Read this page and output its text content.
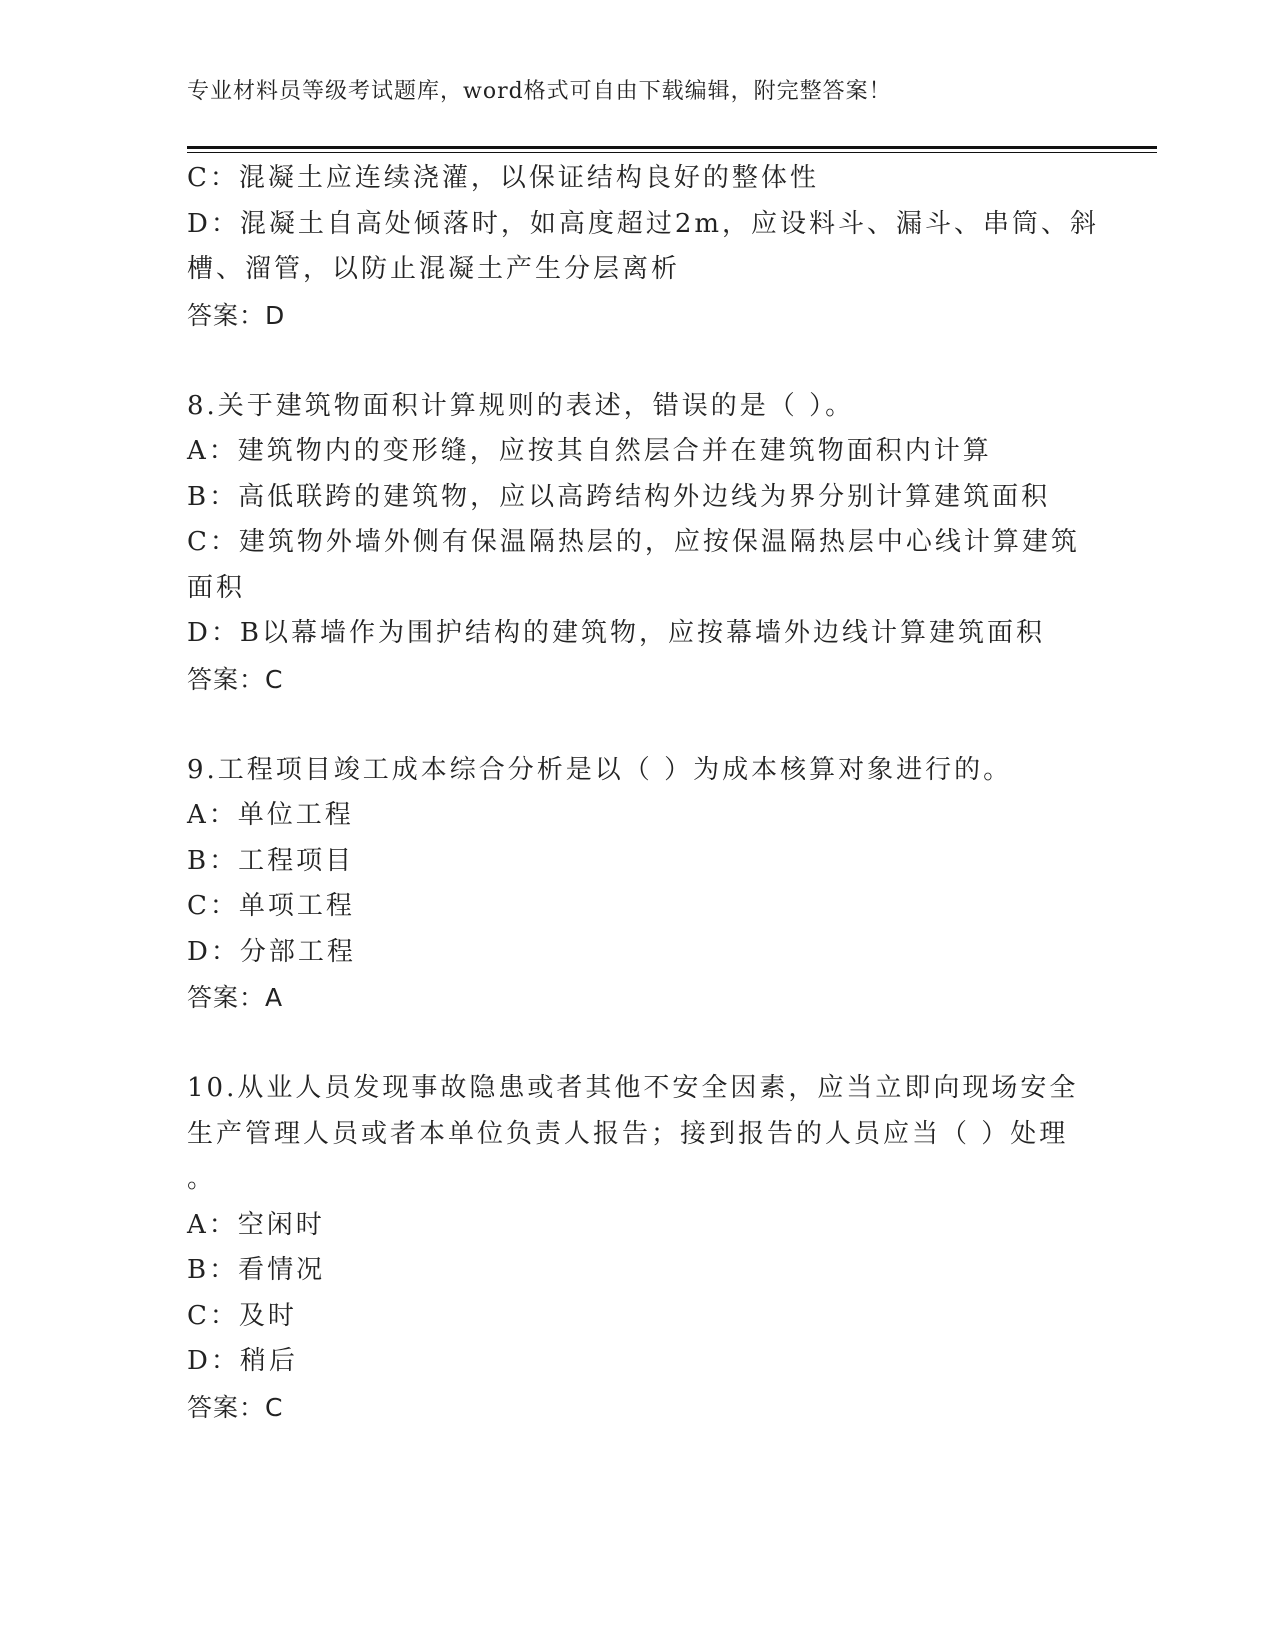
专业材料员等级考试题库，word格式可自由下载编辑，附完整答案！
C：混凝土应连续浇灌，以保证结构良好的整体性
D：混凝土自高处倾落时，如高度超过2m，应设料斗、漏斗、串筒、斜
槽、溜管，以防止混凝土产生分层离析
答案：D
8.关于建筑物面积计算规则的表述，错误的是（ ）。
A：建筑物内的变形缝，应按其自然层合并在建筑物面积内计算
B：高低联跨的建筑物，应以高跨结构外边线为界分别计算建筑面积
C：建筑物外墙外侧有保温隔热层的，应按保温隔热层中心线计算建筑
面积
D：B以幕墙作为围护结构的建筑物，应按幕墙外边线计算建筑面积
答案：C
9.工程项目竣工成本综合分析是以（ ）为成本核算对象进行的。
A：单位工程
B：工程项目
C：单项工程
D：分部工程
答案：A
10.从业人员发现事故隐患或者其他不安全因素，应当立即向现场安全
生产管理人员或者本单位负责人报告；接到报告的人员应当（ ）处理
。
A：空闲时
B：看情况
C：及时
D：稍后
答案：C
